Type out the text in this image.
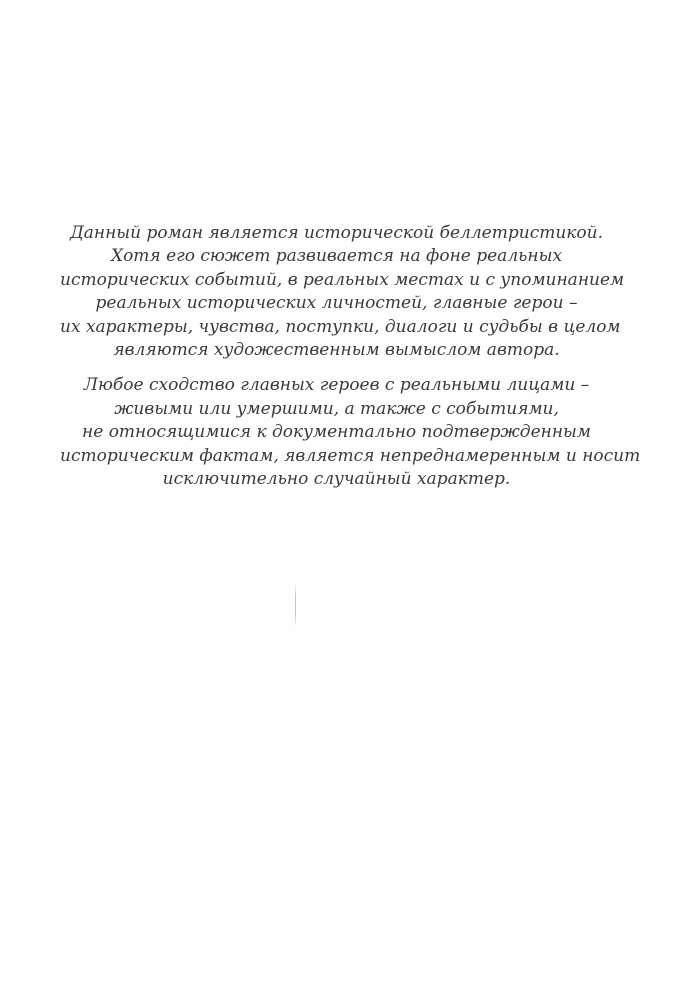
Данный роман является исторической беллетристикой.
Хотя его сюжет развивается на фоне реальных
исторических событий, в реальных местах и с упоминанием
реальных исторических личностей, главные герои –
их характеры, чувства, поступки, диалоги и судьбы в целом
являются художественным вымыслом автора.

Любое сходство главных героев с реальными лицами –
живыми или умершими, а также с событиями,
не относящимися к документально подтвержденным
историческим фактам, является непреднамеренным и носит
исключительно случайный характер.
